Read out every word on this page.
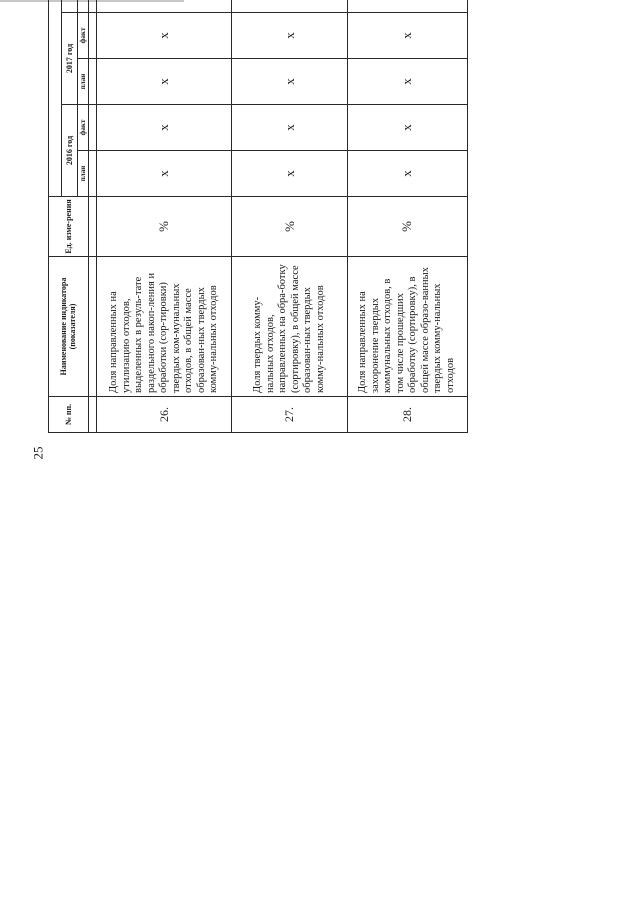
25
№ пп.	Наименование индикатора (показателя)	Ед. изме-рения	
			2016 год		2017 год								
			план	факт	план	факт										

26.	Доля направленных на утилизацию отходов, выделенных в резуль-тате раздельного накоп-ления и обработки (сор-тировки) твердых ком-мунальных отходов, в общей массе образован-ных твердых комму-нальных отходов	%	х	х	х	х										
27.	Доля твердых комму-нальных отходов, направленных на обра-ботку (сортировку), в общей массе образован-ных твердых комму-нальных отходов	%	х	х	х	х										
28.	Доля направленных на захоронение твердых коммунальных отходов, в том числе прошедших обработку (сортировку), в общей массе образо-ванных твердых комму-нальных отходов	%	х	х	х	х										
